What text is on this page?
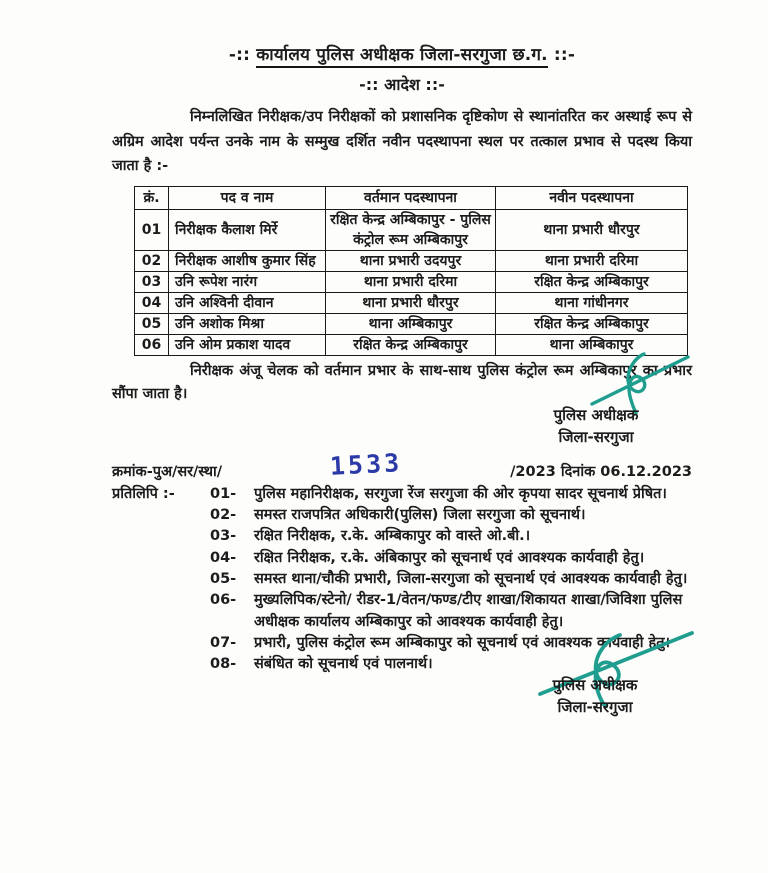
-:: कार्यालय पुलिस अधीक्षक जिला-सरगुजा छ.ग. ::-
-:: आदेश ::-

निम्नलिखित निरीक्षक/उप निरीक्षकों को प्रशासनिक दृष्टिकोण से स्थानांतरित कर अस्थाई रूप से अग्रिम आदेश पर्यन्त उनके नाम के सम्मुख दर्शित नवीन पदस्थापना स्थल पर तत्काल प्रभाव से पदस्थ किया जाता है :-

क्रं.	पद व नाम	वर्तमान पदस्थापना	नवीन पदस्थापना
01	निरीक्षक कैलाश मिर्रे	रक्षित केन्द्र अम्बिकापुर - पुलिस कंट्रोल रूम अम्बिकापुर	थाना प्रभारी धौरपुर
02	निरीक्षक आशीष कुमार सिंह	थाना प्रभारी उदयपुर	थाना प्रभारी दरिमा
03	उनि रूपेश नारंग	थाना प्रभारी दरिमा	रक्षित केन्द्र अम्बिकापुर
04	उनि अश्विनी दीवान	थाना प्रभारी धौरपुर	थाना गांधीनगर
05	उनि अशोक मिश्रा	थाना अम्बिकापुर	रक्षित केन्द्र अम्बिकापुर
06	उनि ओम प्रकाश यादव	रक्षित केन्द्र अम्बिकापुर	थाना अम्बिकापुर

निरीक्षक अंजू चेलक को वर्तमान प्रभार के साथ-साथ पुलिस कंट्रोल रूम अम्बिकापुर का प्रभार सौंपा जाता है।

क्रमांक-पुअ/सर/स्था/	1533	/2023 दिनांक 06.12.2023
प्रतिलिपि :-	01-	पुलिस महानिरीक्षक, सरगुजा रेंज सरगुजा की ओर कृपया सादर सूचनार्थ प्रेषित।
02-	समस्त राजपत्रित अधिकारी(पुलिस) जिला सरगुजा को सूचनार्थ।
03-	रक्षित निरीक्षक, र.के. अम्बिकापुर को वास्ते ओ.बी.।
04-	रक्षित निरीक्षक, र.के. अंबिकापुर को सूचनार्थ एवं आवश्यक कार्यवाही हेतु।
05-	समस्त थाना/चौकी प्रभारी, जिला-सरगुजा को सूचनार्थ एवं आवश्यक कार्यवाही हेतु।
06-	मुख्यलिपिक/स्टेनो/ रीडर-1/वेतन/फण्ड/टीए शाखा/शिकायत शाखा/जिविशा पुलिस अधीक्षक कार्यालय अम्बिकापुर को आवश्यक कार्यवाही हेतु।
07-	प्रभारी, पुलिस कंट्रोल रूम अम्बिकापुर को सूचनार्थ एवं आवश्यक कार्यवाही हेतु।
08-	संबंधित को सूचनार्थ एवं पालनार्थ।
पुलिस अधीक्षक
जिला-सरगुजा
पुलिस अधीक्षक
जिला-सरगुजा
